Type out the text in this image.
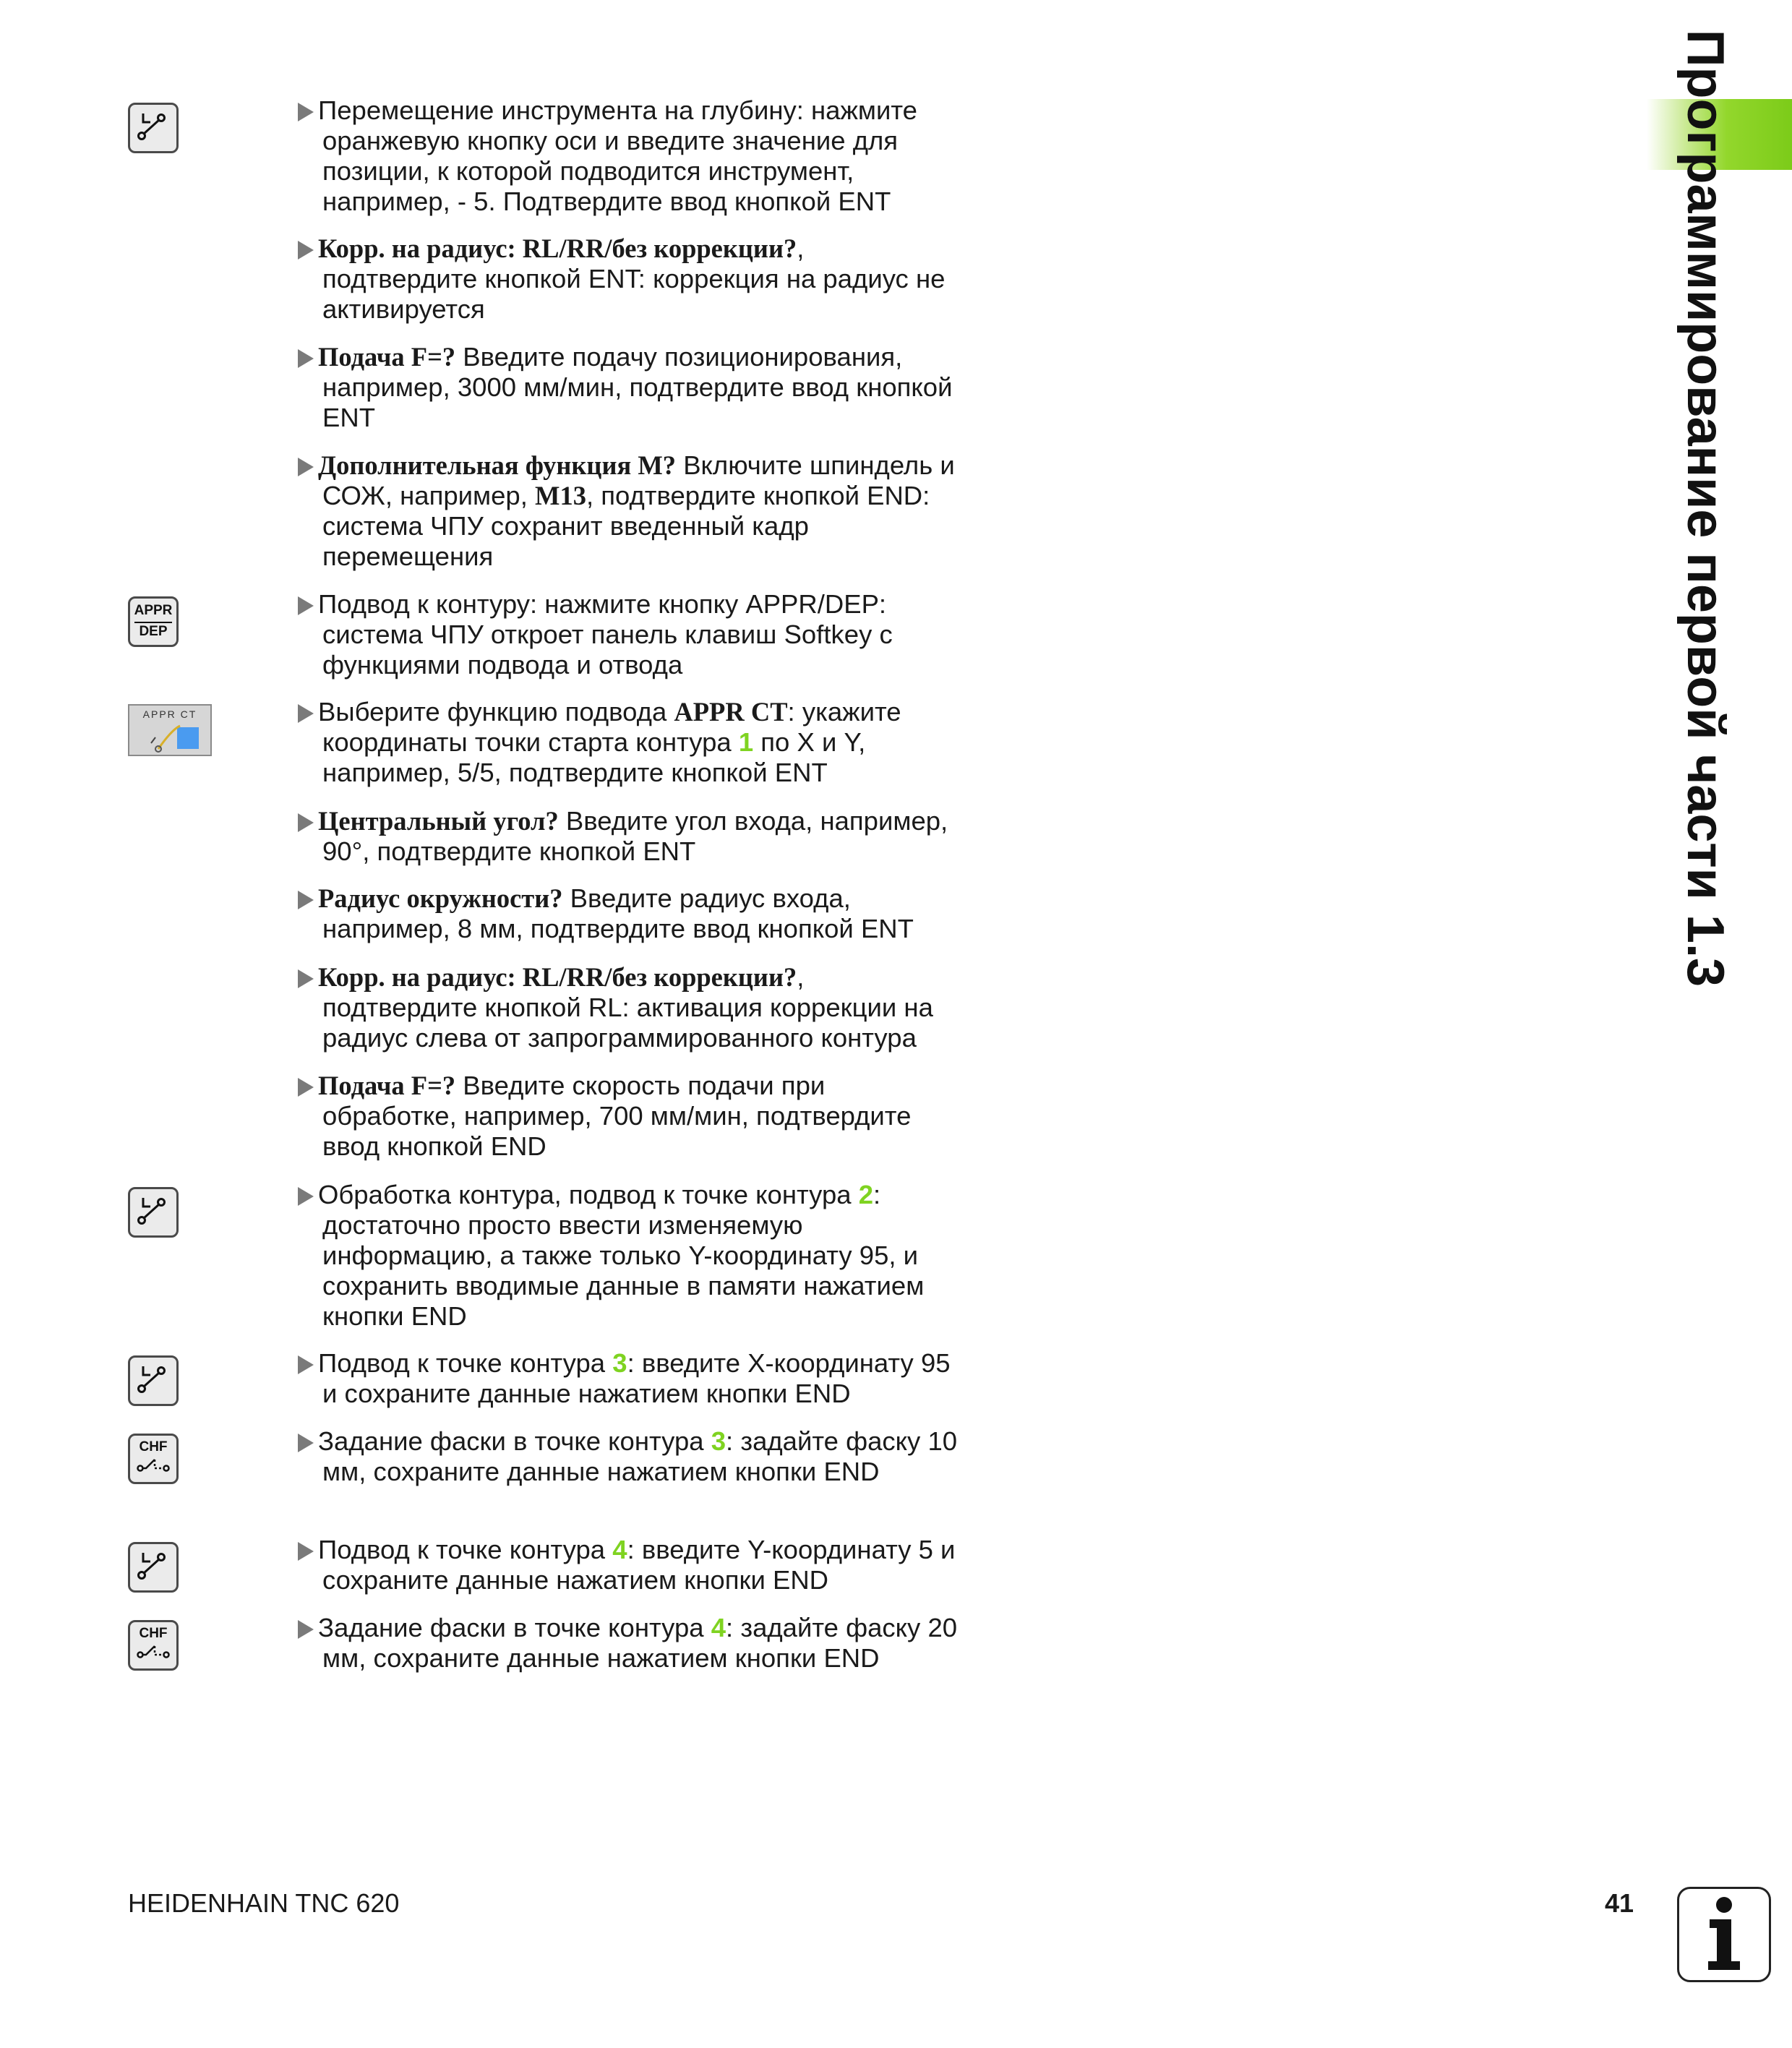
1.3 Программирование первой части
APPR
DEP
APPR CT
CHF
CHF
Перемещение инструмента на глубину: нажмите оранжевую кнопку оси и введите значение для позиции, к которой подводится инструмент, например, - 5. Подтвердите ввод кнопкой ENT
Корр. на радиус: RL/RR/без коррекции?, подтвердите кнопкой ENT: коррекция на радиус не активируется
Подача F=? Введите подачу позиционирования, например, 3000 мм/мин, подтвердите ввод кнопкой ENT
Дополнительная функция M? Включите шпиндель и СОЖ, например, M13, подтвердите кнопкой END: система ЧПУ сохранит введенный кадр перемещения
Подвод к контуру: нажмите кнопку APPR/DEP: система ЧПУ откроет панель клавиш Softkey с функциями подвода и отвода
Выберите функцию подвода APPR CT: укажите координаты точки старта контура 1 по X и Y, например, 5/5, подтвердите кнопкой ENT
Центральный угол? Введите угол входа, например, 90°, подтвердите кнопкой ENT
Радиус окружности? Введите радиус входа, например, 8 мм, подтвердите ввод кнопкой ENT
Корр. на радиус: RL/RR/без коррекции?, подтвердите кнопкой RL: активация коррекции на радиус слева от запрограммированного контура
Подача F=? Введите скорость подачи при обработке, например, 700 мм/мин, подтвердите ввод кнопкой END
Обработка контура, подвод к точке контура 2: достаточно просто ввести изменяемую информацию, а также только Y-координату 95, и сохранить вводимые данные в памяти нажатием кнопки END
Подвод к точке контура 3: введите X-координату 95 и сохраните данные нажатием кнопки END
Задание фаски в точке контура 3: задайте фаску 10 мм, сохраните данные нажатием кнопки END
Подвод к точке контура 4: введите Y-координату 5 и сохраните данные нажатием кнопки END
Задание фаски в точке контура 4: задайте фаску 20 мм, сохраните данные нажатием кнопки END
HEIDENHAIN TNC 620	41
